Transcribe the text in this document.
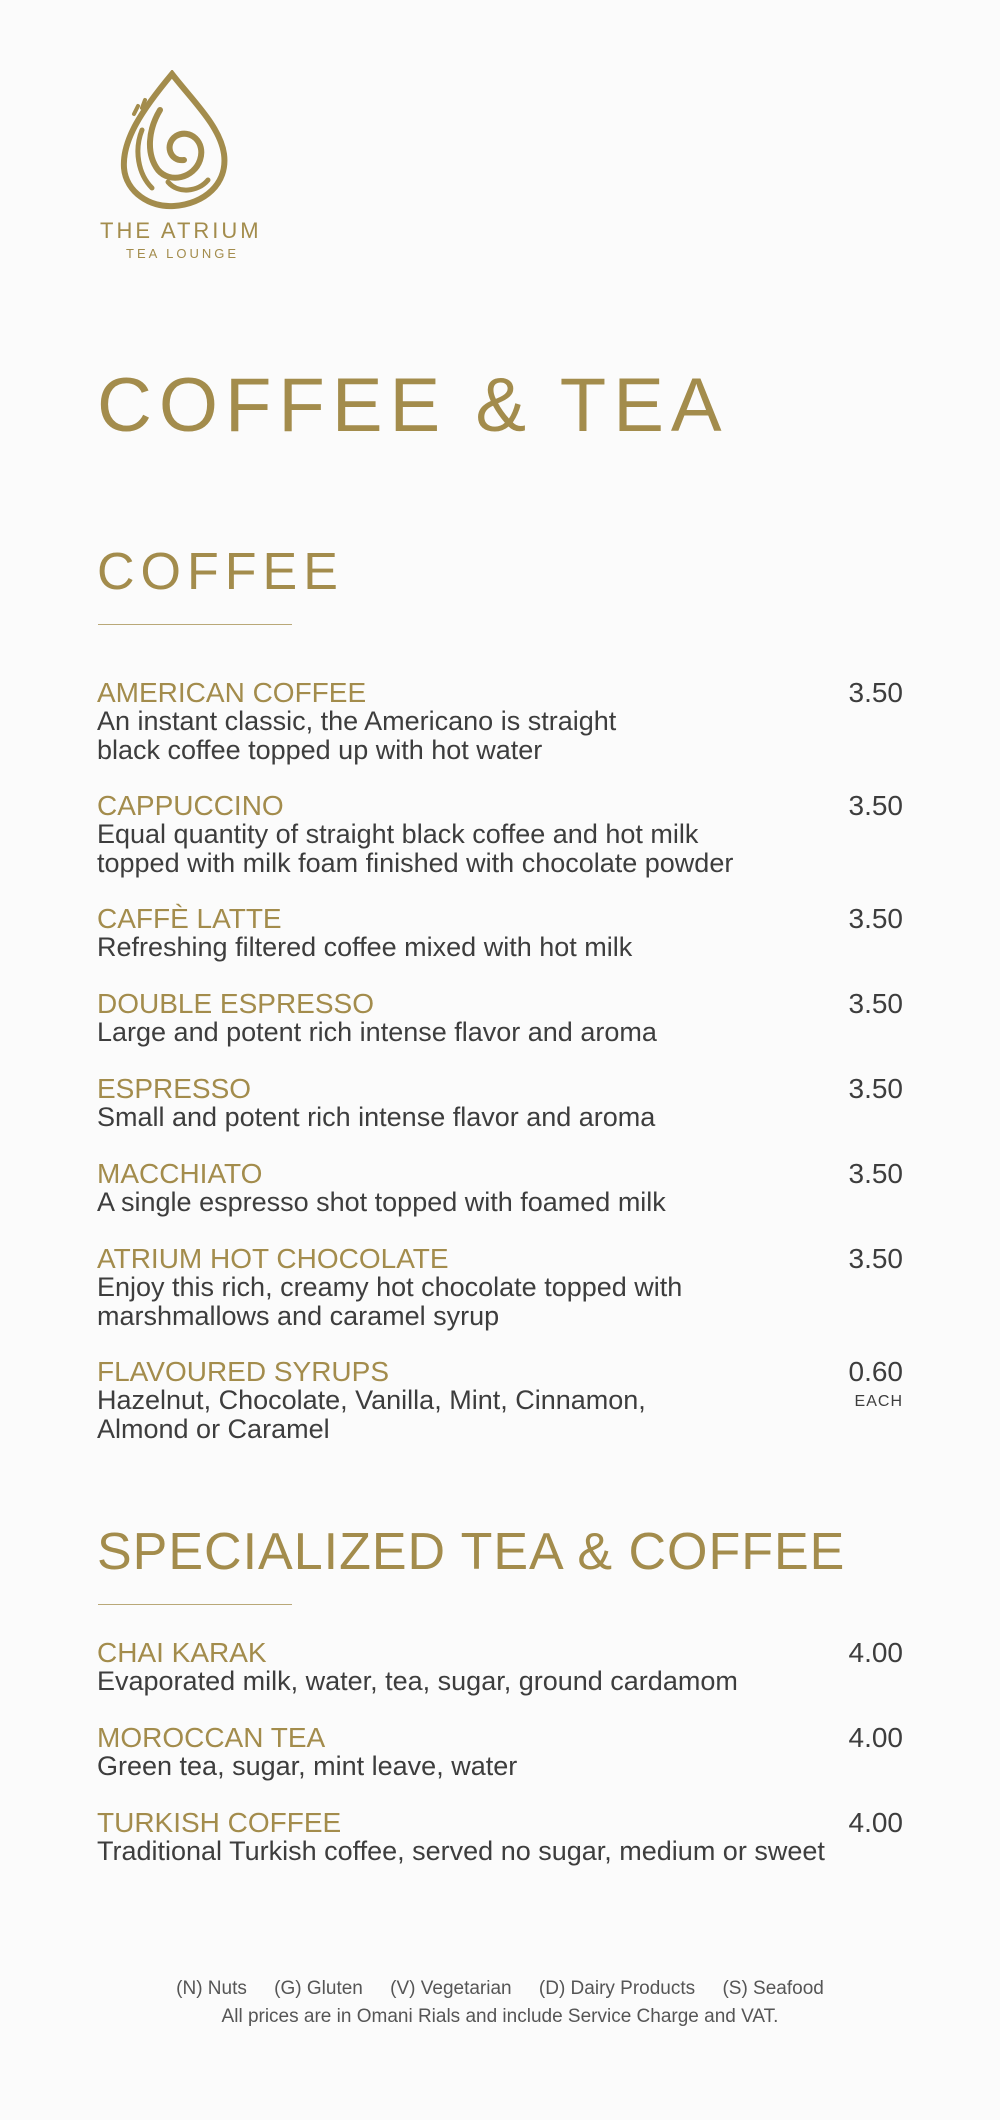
THE ATRIUM
TEA LOUNGE
COFFEE & TEA
COFFEE
AMERICAN COFFEE
An instant classic, the Americano is straight
black coffee topped up with hot water
3.50
CAPPUCCINO
Equal quantity of straight black coffee and hot milk
topped with milk foam finished with chocolate powder
3.50
CAFFÈ LATTE
Refreshing filtered coffee mixed with hot milk
3.50
DOUBLE ESPRESSO
Large and potent rich intense flavor and aroma
3.50
ESPRESSO
Small and potent rich intense flavor and aroma
3.50
MACCHIATO
A single espresso shot topped with foamed milk
3.50
ATRIUM HOT CHOCOLATE
Enjoy this rich, creamy hot chocolate topped with
marshmallows and caramel syrup
3.50
FLAVOURED SYRUPS
Hazelnut, Chocolate, Vanilla, Mint, Cinnamon,
Almond or Caramel
0.60
EACH
SPECIALIZED TEA & COFFEE
CHAI KARAK
Evaporated milk, water, tea, sugar, ground cardamom
4.00
MOROCCAN TEA
Green tea, sugar, mint leave, water
4.00
TURKISH COFFEE
Traditional Turkish coffee, served no sugar, medium or sweet
4.00
(N) Nuts (G) Gluten (V) Vegetarian (D) Dairy Products (S) Seafood
All prices are in Omani Rials and include Service Charge and VAT.
